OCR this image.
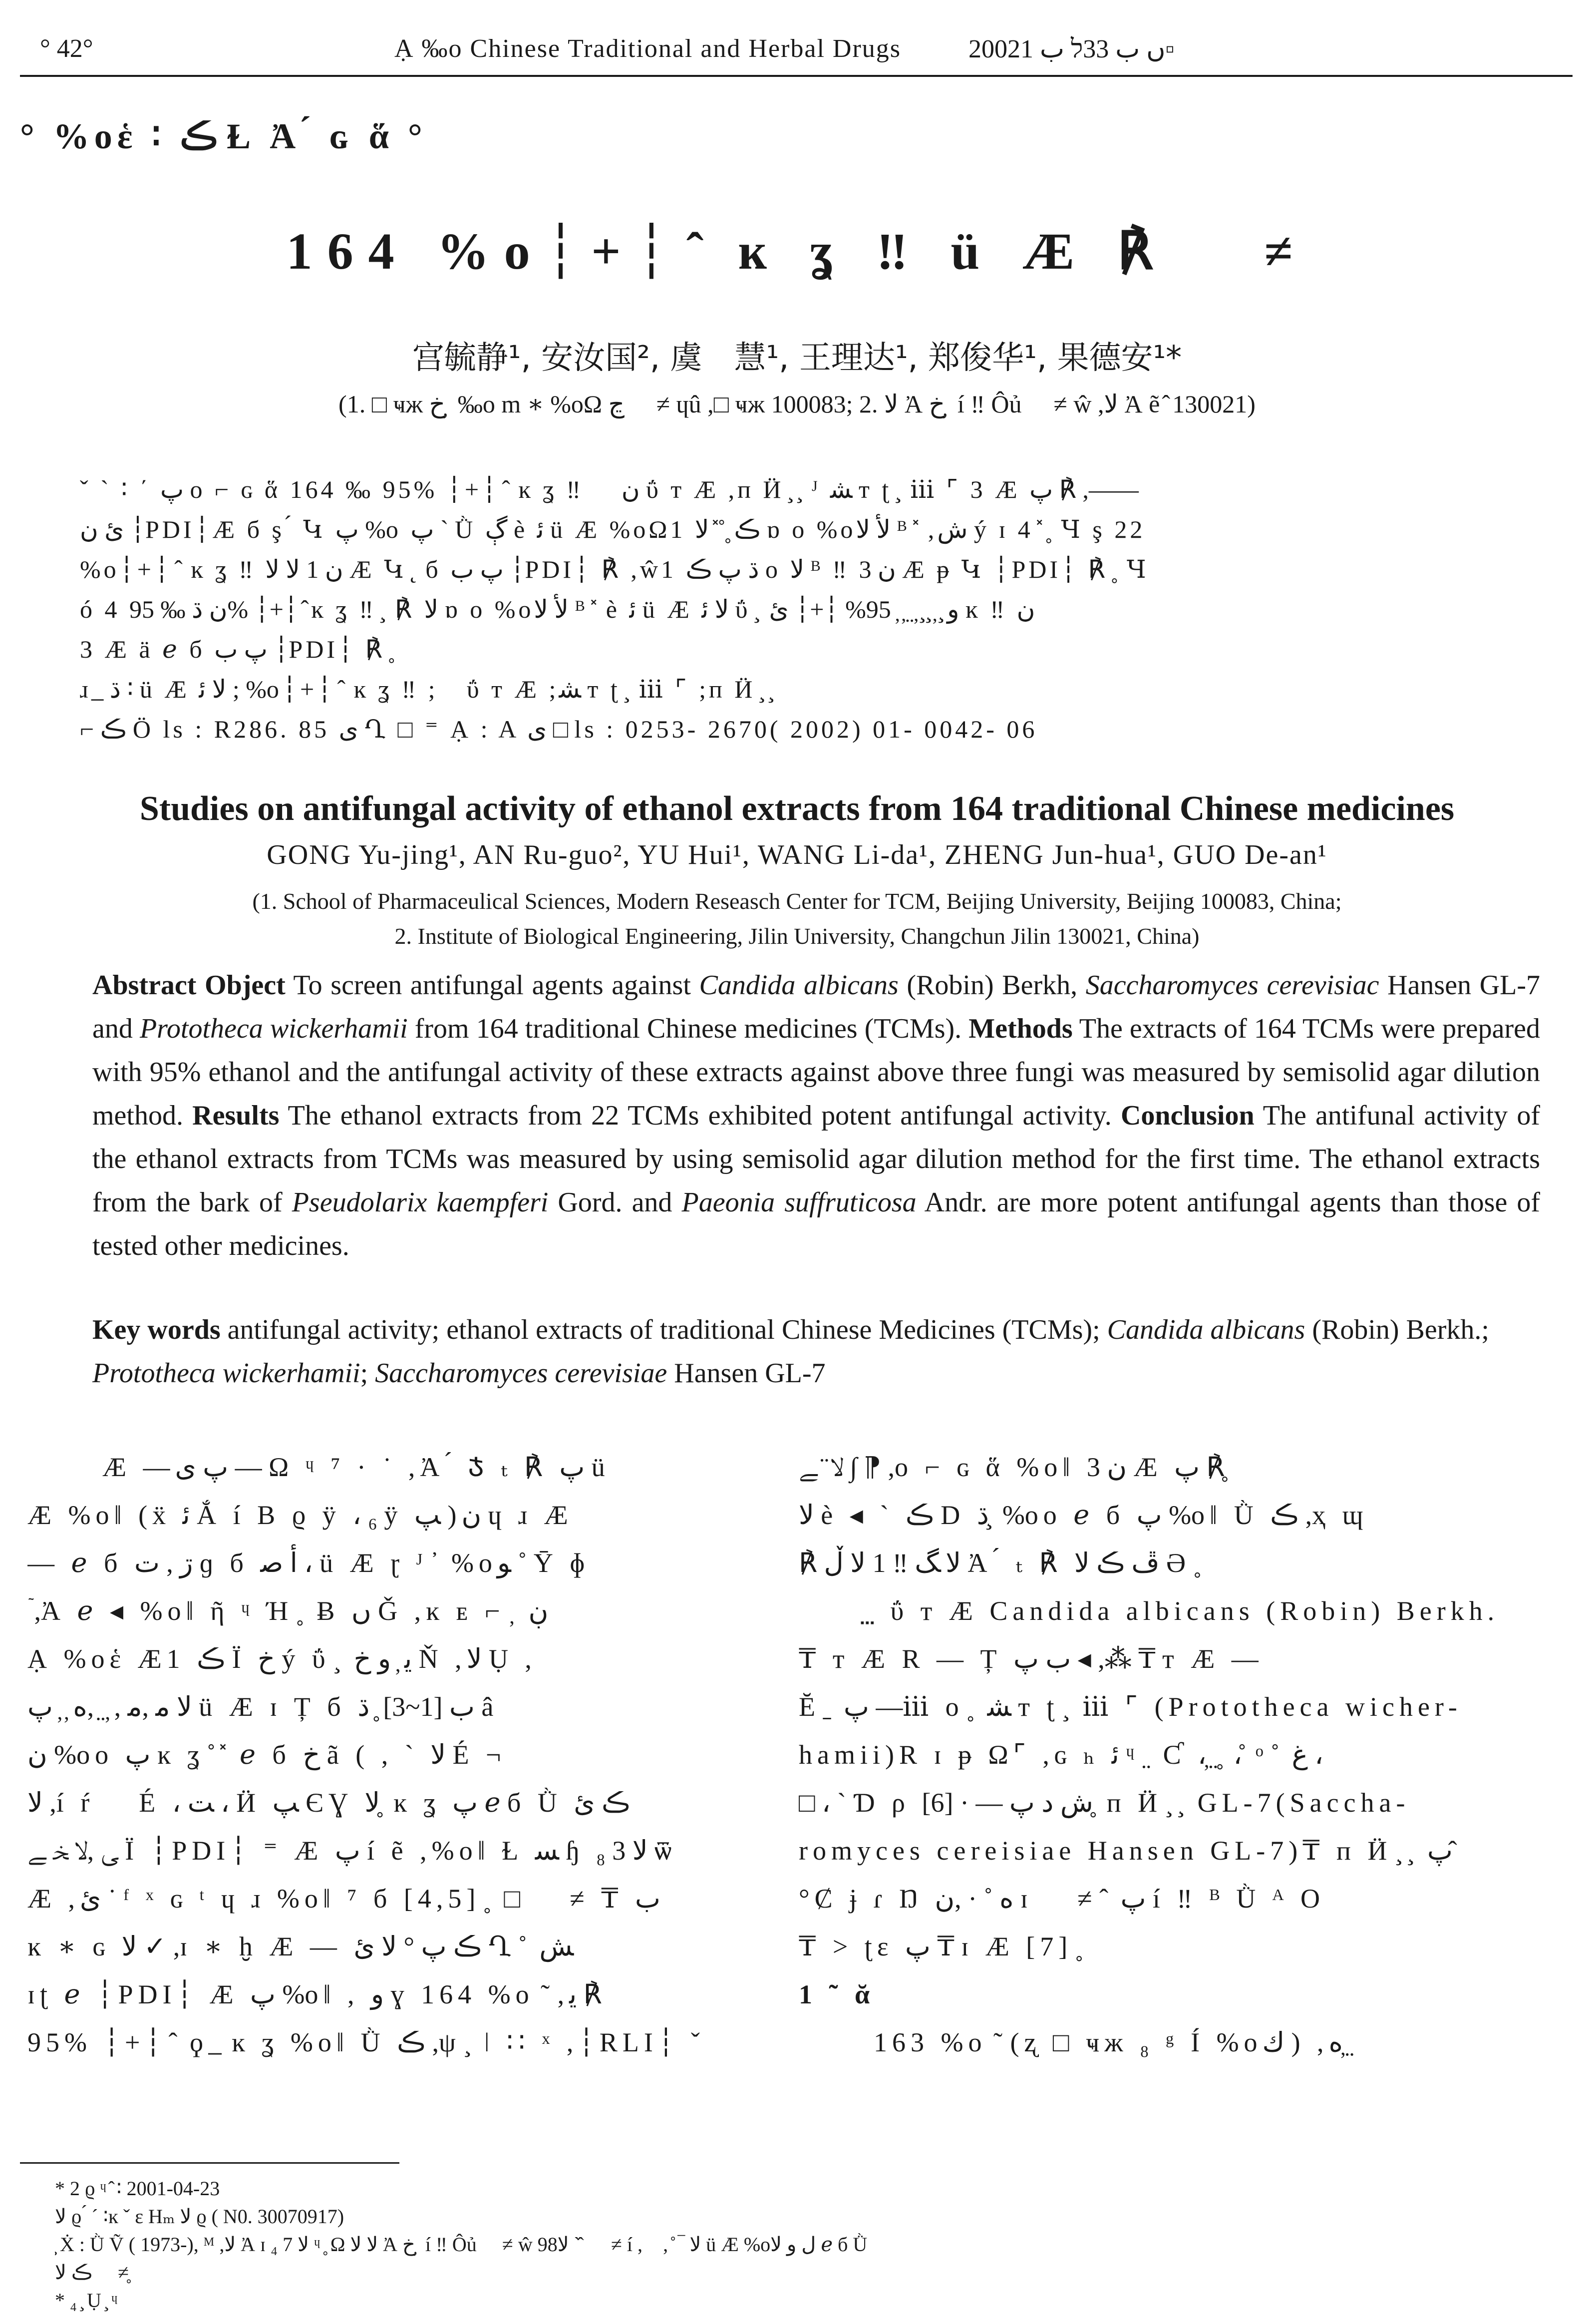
° 42°	Ạ ‰o Chinese Traditional and Herbal Drugs	2002ں ب 33ﬥ ب 1▫
° %oἑ ∶ ڪ Ɫ Ἀ ́ ɢ ἅ °
164 %o┆+┆ ̂ ĸ ʓ ‼ ü Æ ℟ ⃨ ≠
宫毓静¹, 安汝国², 虞　慧¹, 王理达¹, 郑俊华¹, 果德安¹*
(1. □ ҹж خ ̦ ‰o m ∗ %oΩ ڃ ⃨ ≠ ɥû ,□ ҹж 100083; 2. ﻻ Ἀ خ ̦ í ‼ Ôủ ⃨ ≠ ŵ ,ﻻ Ἀ ẽ ̂ 130021)
ˇ ˋ ∶ ΄ پ o ⌐ ɢ ἅ 164 ‰ 95% ┆+┆ ̂ ĸ ʓ ‼ ⃨ ن ΰ ᴛ Æ ,ᴨ Ӥ ̧ ̧ ᴶ ﺸ ᴛ ʈ ̧ ⅲ ⌜ 3 Æ پ ℟ ,——
ﺉ ن ┆PDI┆Æ б ş ́ Կ پ %o پ ˋ Ǜ ڳ è ﺋ ü Æ %oΩ1 ڪ ̥ ̊ ̽ ﻻ ɒ ο %oﻷ ﻻ ᴮ ̽ ,ﺵ ý ɪ 4 ̽ ̥ Ɥ ş 22
%o┆+┆ ̂ ĸ ʓ ‼ ن 1 ﻻ ﻻ Æ Կ ̨ б پ ﺏ ┆PDI┆ ℟ ,ŵ1 ڌ پ ڪ o ﻻ ᴮ ‼ ن 3 Æ ᵽ Կ ┆PDI┆ ℟ ̥ Ɥ
ó 4 ن ڌ ‰ 95% ┆+┆ ̂ ĸ ʓ ‼ ̧ ℟ ﻻ ɒ ο %oﻷ ﻻ ᴮ ̽ è ﺋ ü Æ ﻻ ﺋ ΰ ̧ ﻭ ̧ ̦ ̧ ̧ ̦ ̤ ̦ ̦ 95% ┆+┆ ﺉ ĸ ‼ ن
3 Æ ä ℯ б پ ﺏ ┆PDI┆ ℟ ̥
ɹ ̲ ڌ ∶ ü Æ ﻻ ﺋ ; %o┆+┆ ̂ ĸ ʓ ‼ ;⃨ ΰ ᴛ Æ ;ﺸ ᴛ ʈ ̧ ⅲ ⌜ ;ᴨ Ӥ ̧ ̧
⌐ ڪ Ö ls : R286. 85 ﻯ Ղ □ ⁼ Ạ : A ﻯ □ ls : 0253- 2670( 2002) 01- 0042- 06
Studies on antifungal activity of ethanol extracts from 164 traditional Chinese medicines
GONG Yu-jing¹, AN Ru-guo², YU Hui¹, WANG Li-da¹, ZHENG Jun-hua¹, GUO De-an¹
(1. School of Pharmaceulical Sciences, Modern Reseasch Center for TCM, Beijing University, Beijing 100083, China;
2. Institute of Biological Engineering, Jilin University, Changchun Jilin 130021, China)
Abstract Object To screen antifungal agents against Candida albicans (Robin) Berkh, Saccharomyces cerevisiac Hansen GL-7 and Prototheca wickerhamii from 164 traditional Chinese medicines (TCMs). Methods The extracts of 164 TCMs were prepared with 95% ethanol and the antifungal activity of these extracts against above three fungi was measured by semisolid agar dilution method. Results The ethanol extracts from 22 TCMs exhibited potent antifungal activity. Conclusion The antifunal activity of the ethanol extracts from TCMs was measured by using semisolid agar dilution method for the first time. The ethanol extracts from the bark of Pseudolarix kaempferi Gord. and Paeonia suffruticosa Andr. are more potent antifungal agents than those of tested other medicines.
Key words antifungal activity; ethanol extracts of traditional Chinese Medicines (TCMs); Candida albicans (Robin) Berkh.; Prototheca wickerhamii; Saccharomyces cerevisiae Hansen GL-7
Æ —پ ی — Ω ᶣ ⁷ · ˙ ,Ἀ ́ Ჯ ₜ ℟ پ ü
Æ %oǁ (ẍ ﺋ Ắ í Β ϱ ÿ ، ₆ ÿ ﭗ )ن ɥ ɹ Æ
— ℯ б ڗ , ﺕ ɡ б ﺃ ﺻ ، ü Æ ɽ ᴶ ̓ %oﻮ ˚ Ῡ ɸ
ٙ ,Ἀ ℯ ◂ %oǁ ῆ ᶣ Ή ̥ Ƀ ں Ǧ ,ĸ ᴇ ⌐ ̦ ڹ
Ạ %oἑ Æ1 ڪ Ï خ ý ΰ ̧ ﻳ ̦ ﻭ خ Ň ,ﻻ Ụ ,
ﻻ ﻣ ,ﻣ , ̦ ̤ ,ﻩ ̦ ̦ پ ü Æ ɪ Ț б ﺏ [1~3] ̥ ڌ â
ن %oo پ ĸ ʓ ̊ ̽ ℯ б خ ã ( , ˋ ﻻ É ¬
ﻻ ,í ŕ ⃨ É ، ﺖ ، Ӥ ﭗ ЄƔ ﻻ ̥ ĸ ʓ پ ℯ б Ǜ ڪ ﺉ
ﻰ ,ﻻ ﺨ ﮯ Ï ┆PDI┆ ⁼ Æ پ í ẽ ,%oǁ Ɫ ﺴ ɧ ﻻ 3 ₈ ѿ
Æ ,ﺉ ˙ ᶠ ˣ ɢ ᵗ ɥ ɹ %oǁ ⁷ б [4,5] ̥ □ ⃨ ≠ ₸ ﺏ
ĸ ∗ ɢ ﻻ ✓ ,ɪ ∗ ḫ Æ — ڪ پ ° ﻻ ﺉ Ղ ̊ ﺶ
ɪʈ ℯ ┆PDI┆ Æ پ %oǁ , ﻭ ɣ 164 %o ̃ ,ﻳ ℟
95% ┆+┆ ̂ ϙ ̲ ĸ ʓ %oǁ Ǜ ڪ ,ψ ̧ ǀ ∶∶ ˣ ,┆RLI┆ ˇ
ﻻ ̈ ﮯ ∫ ⁋ ,o ⌐ ɢ ἅ %oǁ ن 3 Æ پ ℟ ̥
ﻻ è ◂ ˋ ڪ D ڌ ̧ %oo ℯ б پ %oǁ Ǜ ڪ ,ҳ ɰ
℟ ﻻ ﮓ ‼ 1 ﻻ ڵ Ἀ ́ ₜ ℟ ڦ ڪ ﻻ Ә ̥
⃨ ΰ ᴛ Æ Candida albicans (Robin) Berkh.
₸ ᴛ Æ R — Ț ﺏ پ ◂ ,⁂ ₸ ᴛ Æ —
Ĕ ̠ پ —ⅲ o ̥ ﺸ ᴛ ʈ ̧ ⅲ ⌜ (Prototheca wicher-
hamii)R ɪ ᵽ Ω⌜ ,ɢ ₕ ﺋ ᶣ ̤ Ƈ ، ̦ ̤ ̥ ، ̊ ᵒ ̊ غ ،
□ ، ˋ Ɗ ρ ﺵ ﺩ پ — · [6] ̥ ᴨ Ӥ ̧ ̧ GL-7(Saccha-
romyces cereisiae Hansen GL-7)₸ ᴨ Ӥ ̧ ̧ پ ̂
°Ȼ ɉ ɾ Ŋ ﻩ ˚ · ,ن ɪ ⃨ ≠ ̂ پ í ‼ ᴮ Ǜ ᴬ Ο
₸ > ʈɛ پ ₸ ɪ Æ [7] ̥
1 ˜ ᾰ
163 %o ̃ (ʐ □ ҹж ₈ ᵍ Í %oﻙ ) ,ﻩ ̦ ̤
* 2 ϱ ᶣ ̂ ∶ 2001-04-23
ﻻ ϱ ́ ˊ ∶ĸ ˇ ɛ Ηₘ ﻻ ϱ ( N0. 30070917)
̧ Ẋ : Ǜ Ṽ ( 1973-), ᴹ ,ﻻ Ἀ ɪ ₄ ﻻ 7 ᶣ ̥ Ω ﻻ ﻻ Ἀ خ ̦ í ‼ Ôủ ⃨ ≠ ŵ 98ﻻ ˋ ̂ ⃨ ≠ í ,⃨ , ̊ ‾ ﻻ ü Æ %oﻝ ﻭ ﻻ ℯ б Ǜ
ڪ ﻻ ⃨ ≠ ̥
* ₄ ̧ Ụ ̧ ᶣ
